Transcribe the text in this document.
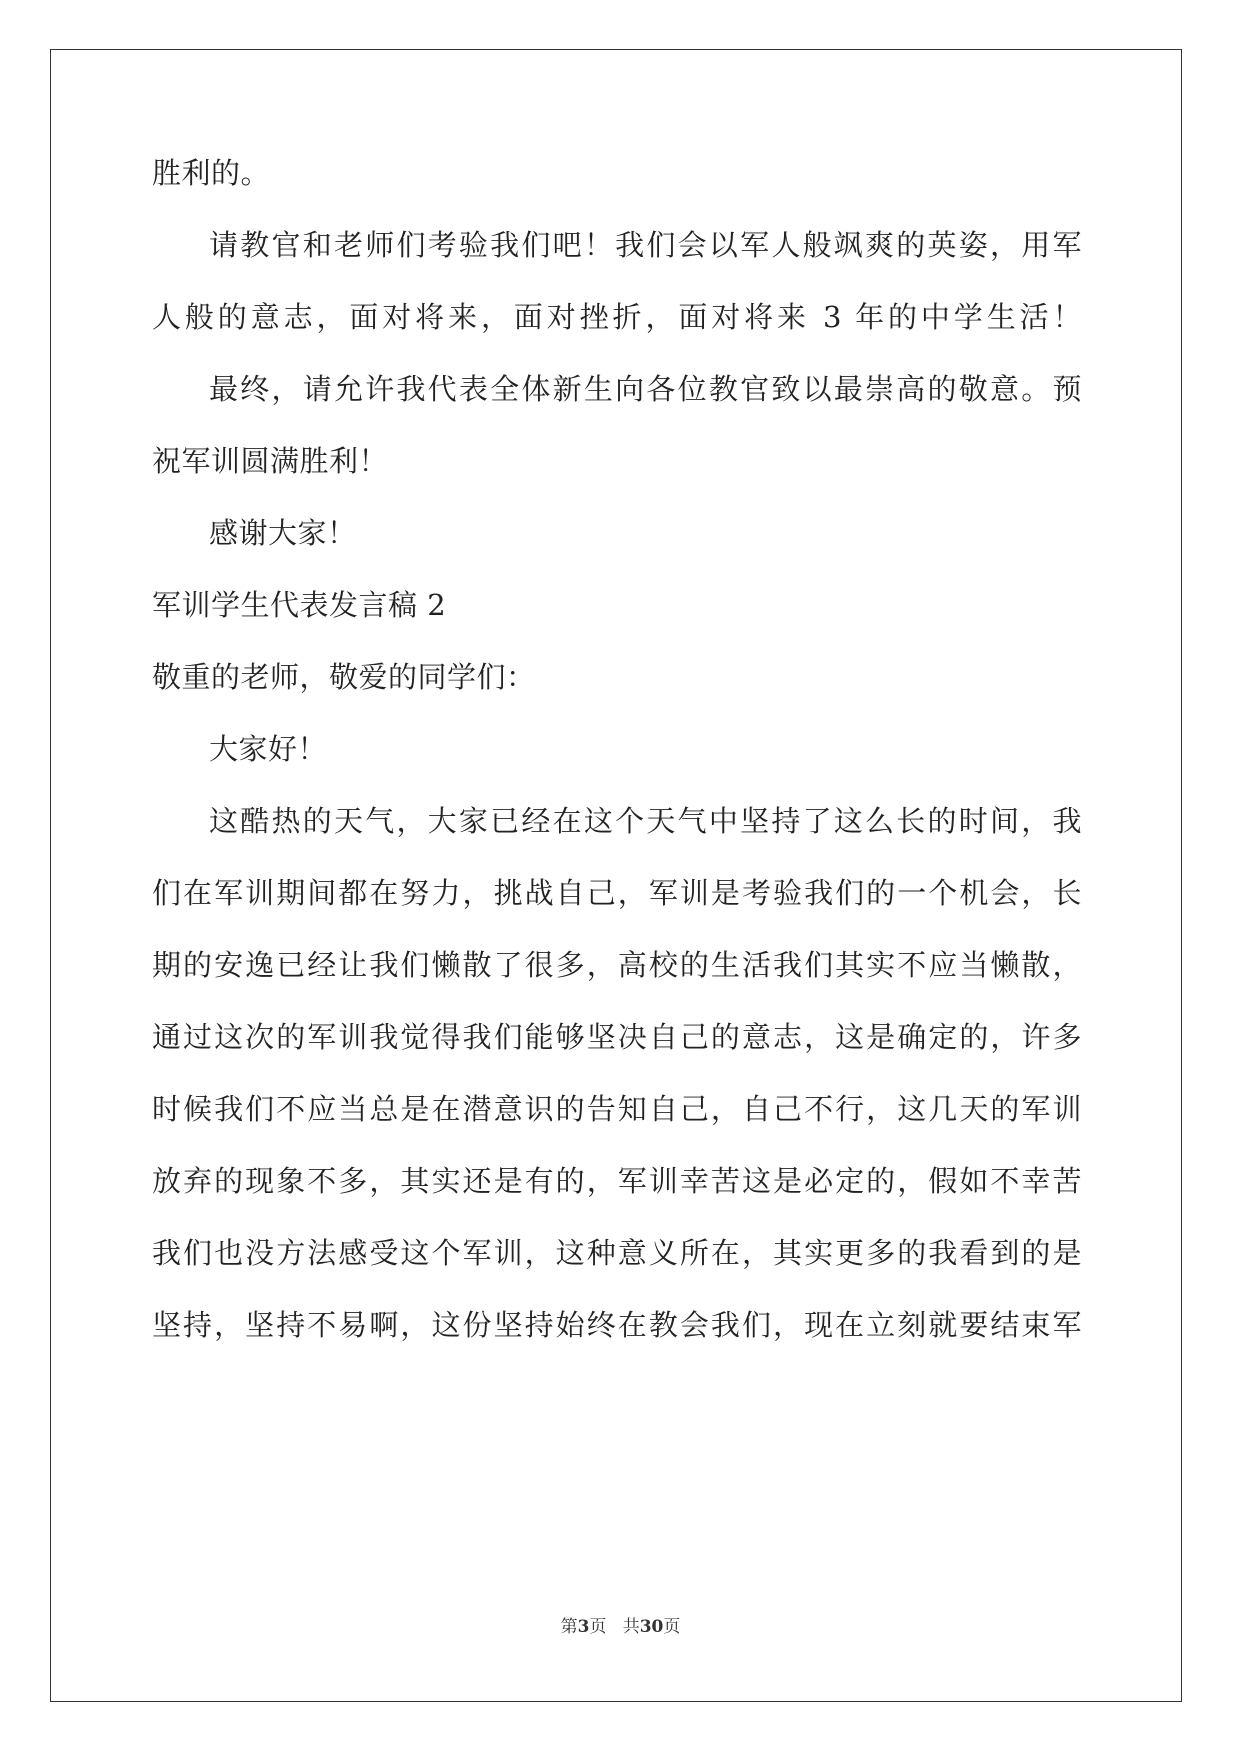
胜利的。
请教官和老师们考验我们吧！我们会以军人般飒爽的英姿，用军
人般的意志，面对将来，面对挫折，面对将来 3 年的中学生活！
最终，请允许我代表全体新生向各位教官致以最崇高的敬意。预
祝军训圆满胜利！
感谢大家！
军训学生代表发言稿 2
敬重的老师，敬爱的同学们：
大家好！
这酷热的天气，大家已经在这个天气中坚持了这么长的时间，我
们在军训期间都在努力，挑战自己，军训是考验我们的一个机会，长
期的安逸已经让我们懒散了很多，高校的生活我们其实不应当懒散，
通过这次的军训我觉得我们能够坚决自己的意志，这是确定的，许多
时候我们不应当总是在潜意识的告知自己，自己不行，这几天的军训
放弃的现象不多，其实还是有的，军训幸苦这是必定的，假如不幸苦
我们也没方法感受这个军训，这种意义所在，其实更多的我看到的是
坚持，坚持不易啊，这份坚持始终在教会我们，现在立刻就要结束军
第3页 共30页
